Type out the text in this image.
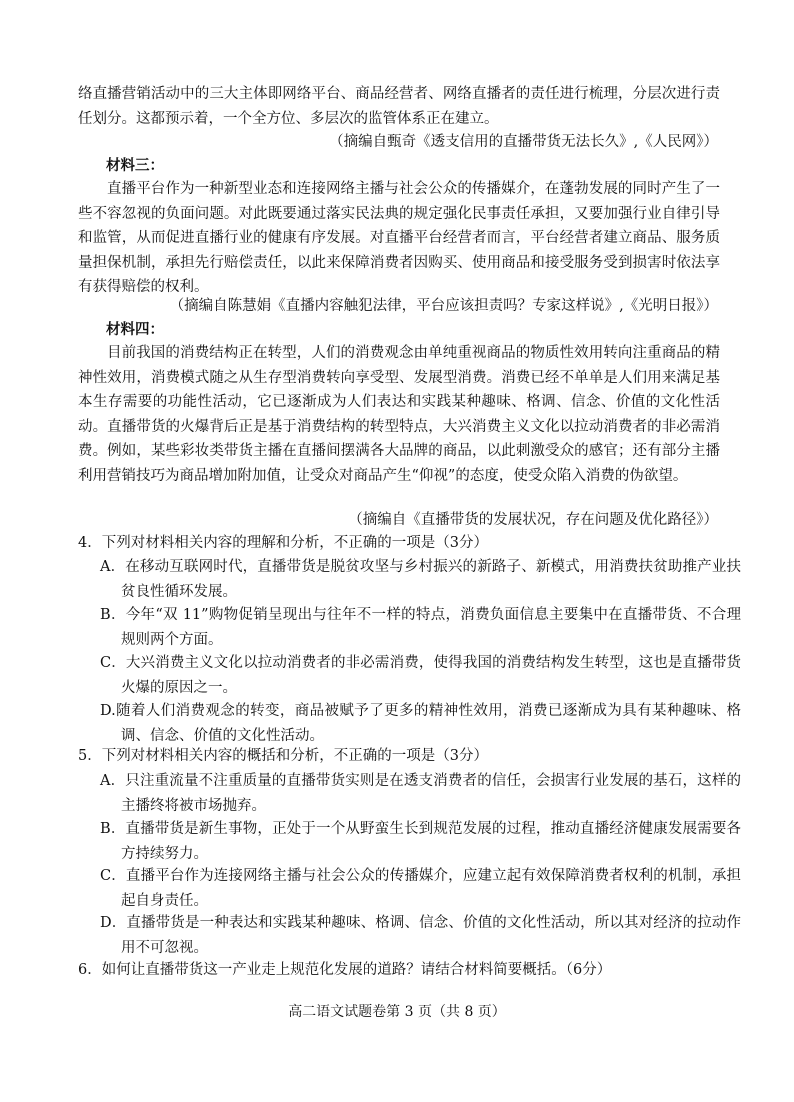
络直播营销活动中的三大主体即网络平台、商品经营者、网络直播者的责任进行梳理，分层次进行责任划分。这都预示着，一个全方位、多层次的监管体系正在建立。

（摘编自甄奇《透支信用的直播带货无法长久》,《人民网》）
材料三：

直播平台作为一种新型业态和连接网络主播与社会公众的传播媒介，在蓬勃发展的同时产生了一些不容忽视的负面问题。对此既要通过落实民法典的规定强化民事责任承担，又要加强行业自律引导和监管，从而促进直播行业的健康有序发展。对直播平台经营者而言，平台经营者建立商品、服务质量担保机制，承担先行赔偿责任，以此来保障消费者因购买、使用商品和接受服务受到损害时依法享有获得赔偿的权利。

（摘编自陈慧娟《直播内容触犯法律，平台应该担责吗？专家这样说》,《光明日报》）
材料四：

目前我国的消费结构正在转型，人们的消费观念由单纯重视商品的物质性效用转向注重商品的精神性效用，消费模式随之从生存型消费转向享受型、发展型消费。消费已经不单单是人们用来满足基本生存需要的功能性活动，它已逐渐成为人们表达和实践某种趣味、格调、信念、价值的文化性活动。直播带货的火爆背后正是基于消费结构的转型特点，大兴消费主义文化以拉动消费者的非必需消费。例如，某些彩妆类带货主播在直播间摆满各大品牌的商品，以此刺激受众的感官；还有部分主播利用营销技巧为商品增加附加值，让受众对商品产生“仰视”的态度，使受众陷入消费的伪欲望。

（摘编自《直播带货的发展状况，存在问题及优化路径》）

4．下列对材料相关内容的理解和分析，不正确的一项是（3分）

A．在移动互联网时代，直播带货是脱贫攻坚与乡村振兴的新路子、新模式，用消费扶贫助推产业扶贫良性循环发展。

B．今年“双 11”购物促销呈现出与往年不一样的特点，消费负面信息主要集中在直播带货、不合理规则两个方面。

C．大兴消费主义文化以拉动消费者的非必需消费，使得我国的消费结构发生转型，这也是直播带货火爆的原因之一。

D.随着人们消费观念的转变，商品被赋予了更多的精神性效用，消费已逐渐成为具有某种趣味、格调、信念、价值的文化性活动。

5．下列对材料相关内容的概括和分析，不正确的一项是（3分）

A．只注重流量不注重质量的直播带货实则是在透支消费者的信任，会损害行业发展的基石，这样的主播终将被市场抛弃。

B．直播带货是新生事物，正处于一个从野蛮生长到规范发展的过程，推动直播经济健康发展需要各方持续努力。

C．直播平台作为连接网络主播与社会公众的传播媒介，应建立起有效保障消费者权利的机制，承担起自身责任。

D．直播带货是一种表达和实践某种趣味、格调、信念、价值的文化性活动，所以其对经济的拉动作用不可忽视。

6．如何让直播带货这一产业走上规范化发展的道路？请结合材料简要概括。（6分）

高二语文试题卷第 3 页（共 8 页）
